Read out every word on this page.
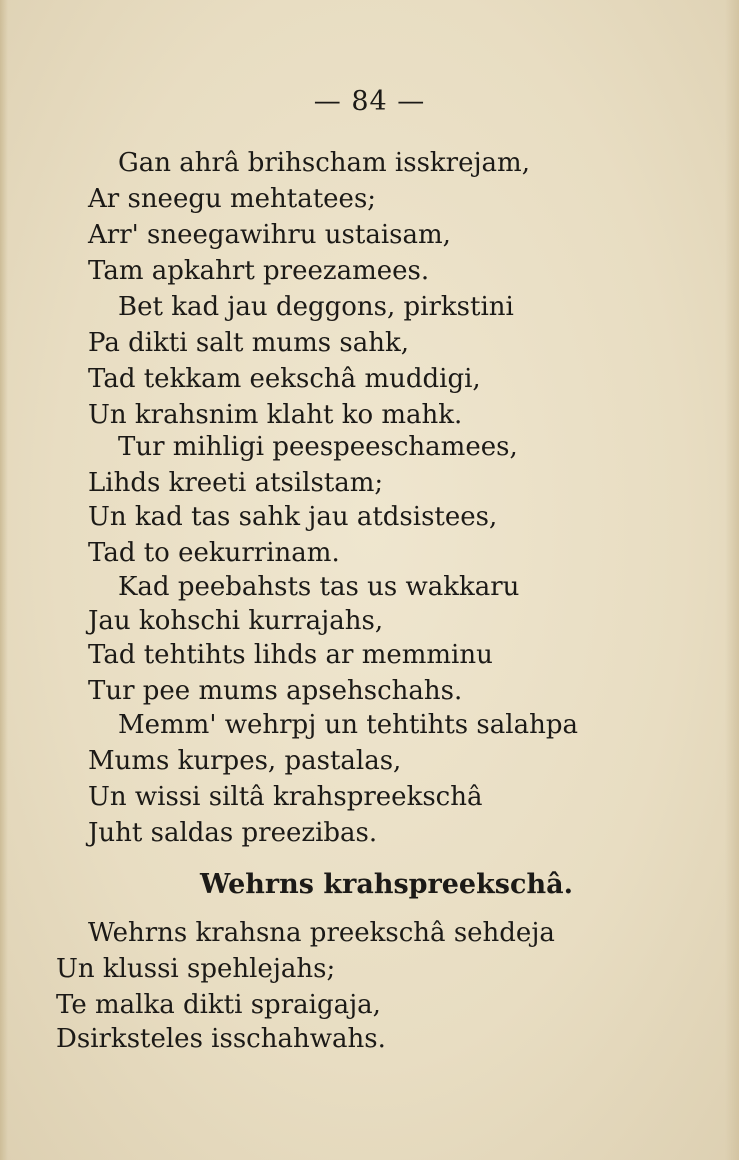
— 84 —
Gan ahrâ brihscham isskrejam,
Ar sneegu mehtatees;
Arr' sneegawihru ustaisam,
Tam apkahrt preezamees.
Bet kad jau deggons, pirkstini
Pa dikti salt mums sahk,
Tad tekkam eekschâ muddigi,
Un krahsnim klaht ko mahk.
Tur mihligi peespeeschamees,
Lihds kreeti atsilstam;
Un kad tas sahk jau atdsistees,
Tad to eekurrinam.
Kad peebahsts tas us wakkaru
Jau kohschi kurrajahs,
Tad tehtihts lihds ar memminu
Tur pee mums apsehschahs.
Memm' wehrpj un tehtihts salahpa
Mums kurpes, pastalas,
Un wissi siltâ krahspreekschâ
Juht saldas preezibas.
Wehrns krahspreekschâ.
Wehrns krahsna preekschâ sehdeja
Un klussi spehlejahs;
Te malka dikti spraigaja,
Dsirksteles isschahwahs.
